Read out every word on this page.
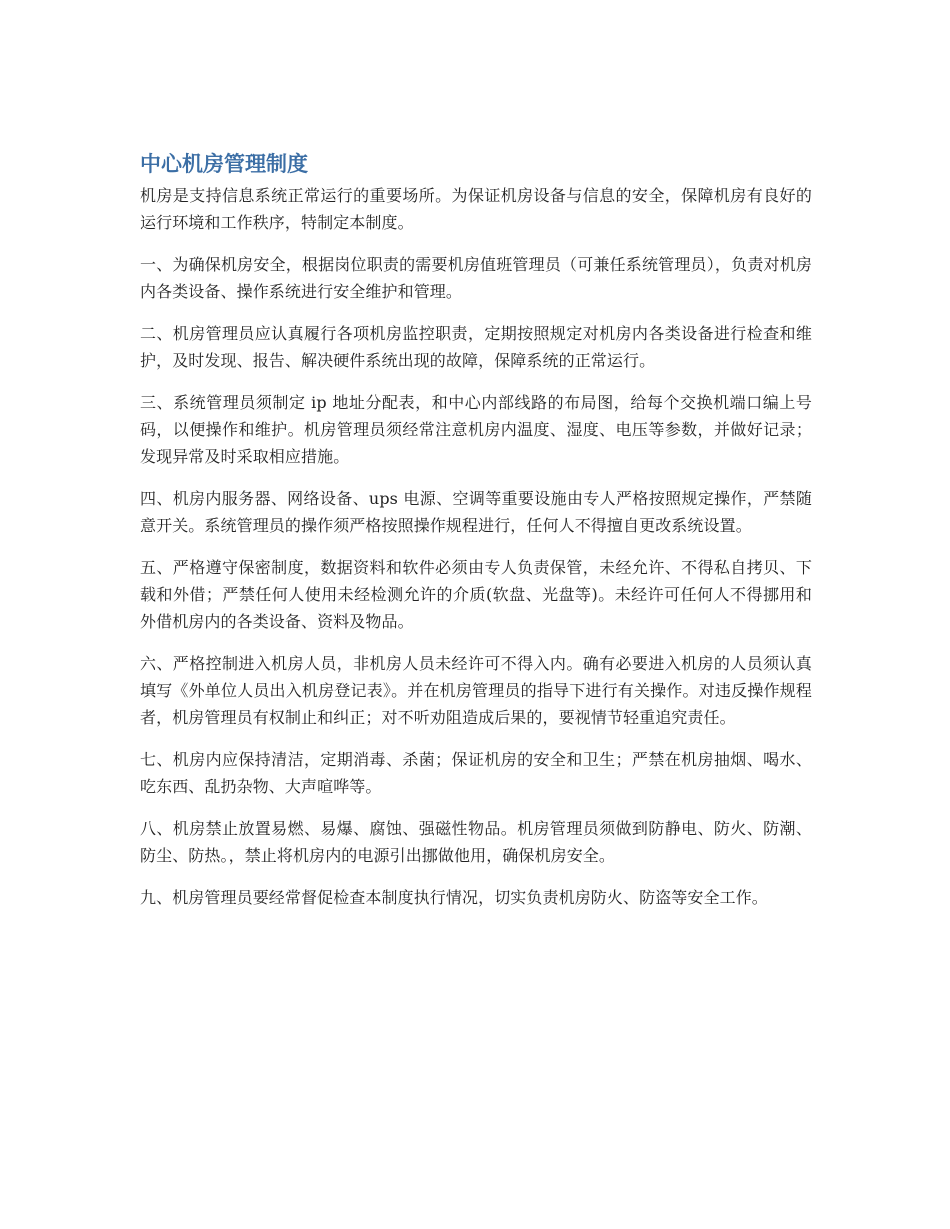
中心机房管理制度

机房是支持信息系统正常运行的重要场所。为保证机房设备与信息的安全，保障机房有良好的运行环境和工作秩序，特制定本制度。

一、为确保机房安全，根据岗位职责的需要机房值班管理员（可兼任系统管理员），负责对机房内各类设备、操作系统进行安全维护和管理。

二、机房管理员应认真履行各项机房监控职责，定期按照规定对机房内各类设备进行检查和维护，及时发现、报告、解决硬件系统出现的故障，保障系统的正常运行。

三、系统管理员须制定 ip 地址分配表，和中心内部线路的布局图，给每个交换机端口编上号码，以便操作和维护。机房管理员须经常注意机房内温度、湿度、电压等参数，并做好记录；发现异常及时采取相应措施。

四、机房内服务器、网络设备、ups 电源、空调等重要设施由专人严格按照规定操作，严禁随意开关。系统管理员的操作须严格按照操作规程进行，任何人不得擅自更改系统设置。

五、严格遵守保密制度，数据资料和软件必须由专人负责保管，未经允许、不得私自拷贝、下载和外借；严禁任何人使用未经检测允许的介质(软盘、光盘等)。未经许可任何人不得挪用和外借机房内的各类设备、资料及物品。

六、严格控制进入机房人员，非机房人员未经许可不得入内。确有必要进入机房的人员须认真填写《外单位人员出入机房登记表》。并在机房管理员的指导下进行有关操作。对违反操作规程者，机房管理员有权制止和纠正；对不听劝阻造成后果的，要视情节轻重追究责任。

七、机房内应保持清洁，定期消毒、杀菌；保证机房的安全和卫生；严禁在机房抽烟、喝水、吃东西、乱扔杂物、大声喧哗等。

八、机房禁止放置易燃、易爆、腐蚀、强磁性物品。机房管理员须做到防静电、防火、防潮、防尘、防热。，禁止将机房内的电源引出挪做他用，确保机房安全。

九、机房管理员要经常督促检查本制度执行情况，切实负责机房防火、防盗等安全工作。
